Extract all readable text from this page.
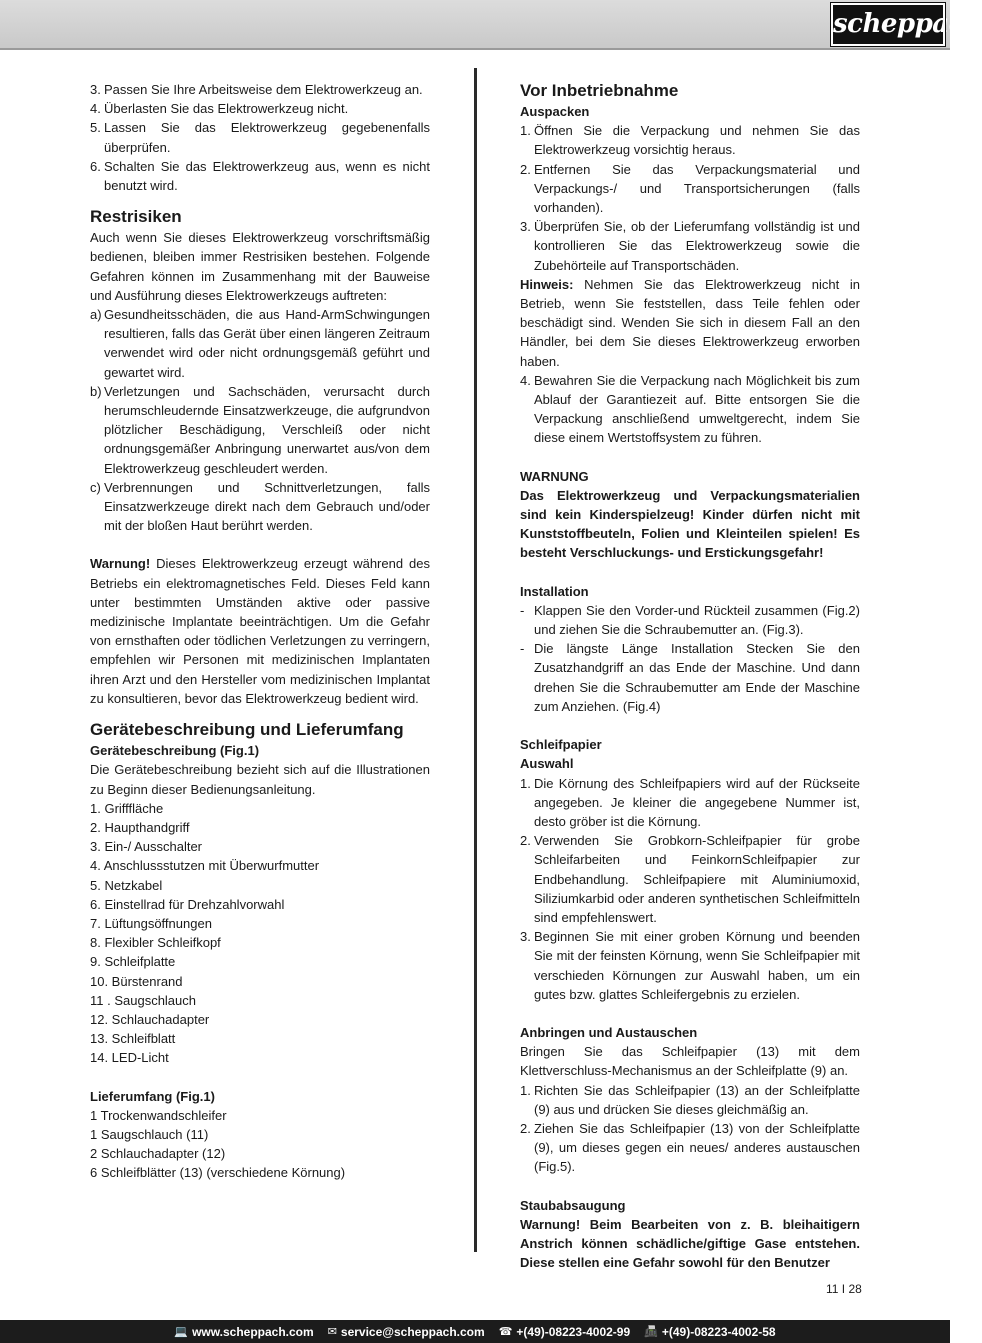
scheppach
3. Passen Sie Ihre Arbeitsweise dem Elektrowerkzeug an.
4. Überlasten Sie das Elektrowerkzeug nicht.
5. Lassen Sie das Elektrowerkzeug gegebenenfalls überprüfen.
6. Schalten Sie das Elektrowerkzeug aus, wenn es nicht benutzt wird.
Restrisiken
Auch wenn Sie dieses Elektrowerkzeug vorschriftsmäßig bedienen, bleiben immer Restrisiken bestehen. Folgende Gefahren können im Zusammenhang mit der Bauweise und Ausführung dieses Elektrowerkzeugs auftreten:
a) Gesundheitsschäden, die aus Hand-ArmSchwingungen resultieren, falls das Gerät über einen längeren Zeitraum verwendet wird oder nicht ordnungsgemäß geführt und gewartet wird.
b) Verletzungen und Sachschäden, verursacht durch herumschleudernde Einsatzwerkzeuge, die aufgrundvon plötzlicher Beschädigung, Verschleiß oder nicht ordnungsgemäßer Anbringung unerwartet aus/von dem Elektrowerkzeug geschleudert werden.
c) Verbrennungen und Schnittverletzungen, falls Einsatzwerkzeuge direkt nach dem Gebrauch und/oder mit der bloßen Haut berührt werden.
Warnung! Dieses Elektrowerkzeug erzeugt während des Betriebs ein elektromagnetisches Feld. Dieses Feld kann unter bestimmten Umständen aktive oder passive medizinische Implantate beeinträchtigen. Um die Gefahr von ernsthaften oder tödlichen Verletzungen zu verringern, empfehlen wir Personen mit medizinischen Implantaten ihren Arzt und den Hersteller vom medizinischen Implantat zu konsultieren, bevor das Elektrowerkzeug bedient wird.
Gerätebeschreibung und Lieferumfang
Gerätebeschreibung (Fig.1)
Die Gerätebeschreibung bezieht sich auf die Illustrationen zu Beginn dieser Bedienungsanleitung.
1. Grifffläche
2. Haupthandgriff
3. Ein-/ Ausschalter
4. Anschlussstutzen mit Überwurfmutter
5. Netzkabel
6. Einstellrad für Drehzahlvorwahl
7. Lüftungsöffnungen
8. Flexibler Schleifkopf
9. Schleifplatte
10. Bürstenrand
11 . Saugschlauch
12. Schlauchadapter
13. Schleifblatt
14. LED-Licht
Lieferumfang (Fig.1)
1 Trockenwandschleifer
1 Saugschlauch (11)
2 Schlauchadapter (12)
6 Schleifblätter (13) (verschiedene Körnung)
Vor Inbetriebnahme
Auspacken
1. Öffnen Sie die Verpackung und nehmen Sie das Elektrowerkzeug vorsichtig heraus.
2. Entfernen Sie das Verpackungsmaterial und Verpackungs-/ und Transportsicherungen (falls vorhanden).
3. Überprüfen Sie, ob der Lieferumfang vollständig ist und kontrollieren Sie das Elektrowerkzeug sowie die Zubehörteile auf Transportschäden.
Hinweis: Nehmen Sie das Elektrowerkzeug nicht in Betrieb, wenn Sie feststellen, dass Teile fehlen oder beschädigt sind. Wenden Sie sich in diesem Fall an den Händler, bei dem Sie dieses Elektrowerkzeug erworben haben.
4. Bewahren Sie die Verpackung nach Möglichkeit bis zum Ablauf der Garantiezeit auf. Bitte entsorgen Sie die Verpackung anschließend umweltgerecht, indem Sie diese einem Wertstoffsystem zu führen.
WARNUNG
Das Elektrowerkzeug und Verpackungsmaterialien sind kein Kinderspielzeug! Kinder dürfen nicht mit Kunststoffbeuteln, Folien und Kleinteilen spielen! Es besteht Verschluckungs- und Erstickungsgefahr!
Installation
- Klappen Sie den Vorder-und Rückteil zusammen (Fig.2) und ziehen Sie die Schraubemutter an. (Fig.3).
- Die längste Länge Installation Stecken Sie den Zusatzhandgriff an das Ende der Maschine. Und dann drehen Sie die Schraubemutter am Ende der Maschine zum Anziehen. (Fig.4)
Schleifpapier
Auswahl
1. Die Körnung des Schleifpapiers wird auf der Rückseite angegeben. Je kleiner die angegebene Nummer ist, desto gröber ist die Körnung.
2. Verwenden Sie Grobkorn-Schleifpapier für grobe Schleifarbeiten und FeinkornSchleifpapier zur Endbehandlung. Schleifpapiere mit Aluminiumoxid, Siliziumkarbid oder anderen synthetischen Schleifmitteln sind empfehlenswert.
3. Beginnen Sie mit einer groben Körnung und beenden Sie mit der feinsten Körnung, wenn Sie Schleifpapier mit verschieden Körnungen zur Auswahl haben, um ein gutes bzw. glattes Schleifergebnis zu erzielen.
Anbringen und Austauschen
Bringen Sie das Schleifpapier (13) mit dem Klettverschluss-Mechanismus an der Schleifplatte (9) an.
1. Richten Sie das Schleifpapier (13) an der Schleifplatte (9) aus und drücken Sie dieses gleichmäßig an.
2. Ziehen Sie das Schleifpapier (13) von der Schleifplatte (9), um dieses gegen ein neues/ anderes austauschen (Fig.5).
Staubabsaugung
Warnung! Beim Bearbeiten von z. B. bleihaitigern Anstrich können schädliche/giftige Gase entstehen. Diese stellen eine Gefahr sowohl für den Benutzer
11 I 28
💻 www.scheppach.com ✉ service@scheppach.com ☎ +(49)-08223-4002-99 📠 +(49)-08223-4002-58
